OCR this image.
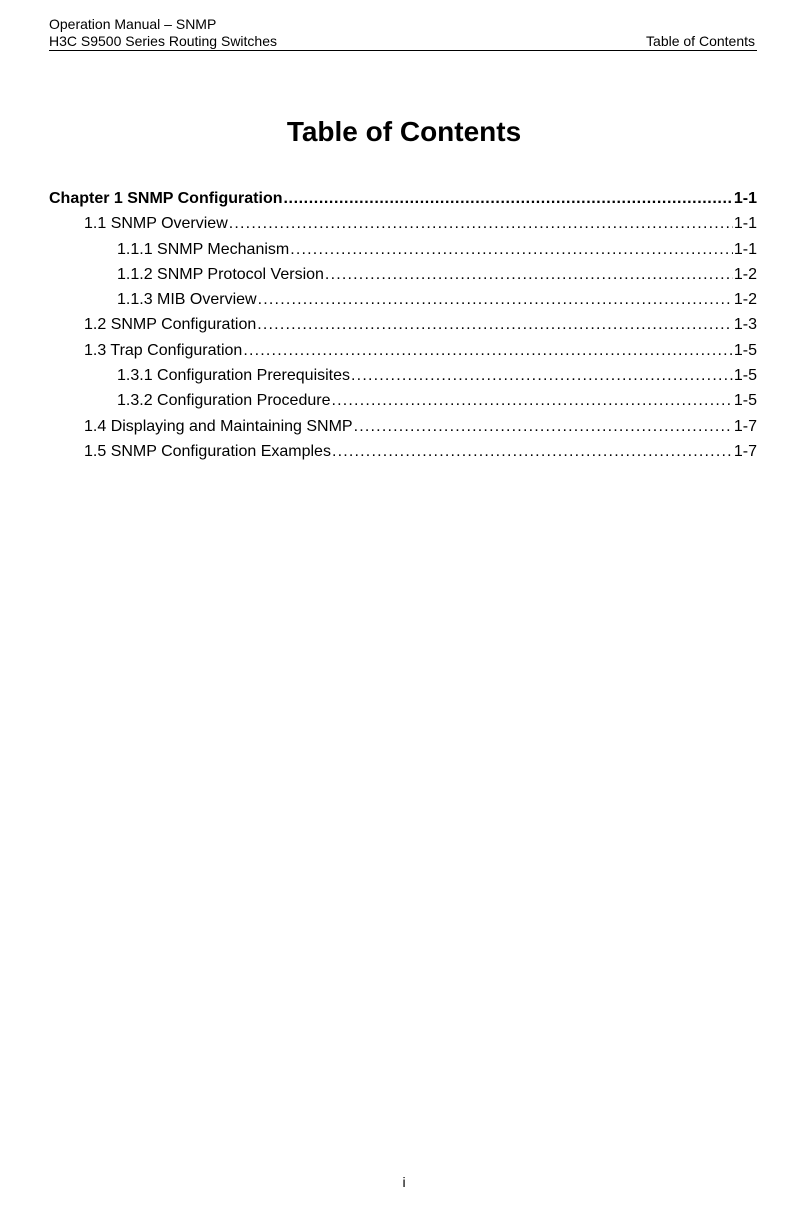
Operation Manual – SNMP
H3C S9500 Series Routing Switches	Table of Contents
Table of Contents
Chapter 1 SNMP Configuration .....	1-1
1.1 SNMP Overview .....	1-1
1.1.1 SNMP Mechanism .....	1-1
1.1.2 SNMP Protocol Version .....	1-2
1.1.3 MIB Overview .....	1-2
1.2 SNMP Configuration .....	1-3
1.3 Trap Configuration .....	1-5
1.3.1 Configuration Prerequisites .....	1-5
1.3.2 Configuration Procedure .....	1-5
1.4 Displaying and Maintaining SNMP .....	1-7
1.5 SNMP Configuration Examples .....	1-7
i
